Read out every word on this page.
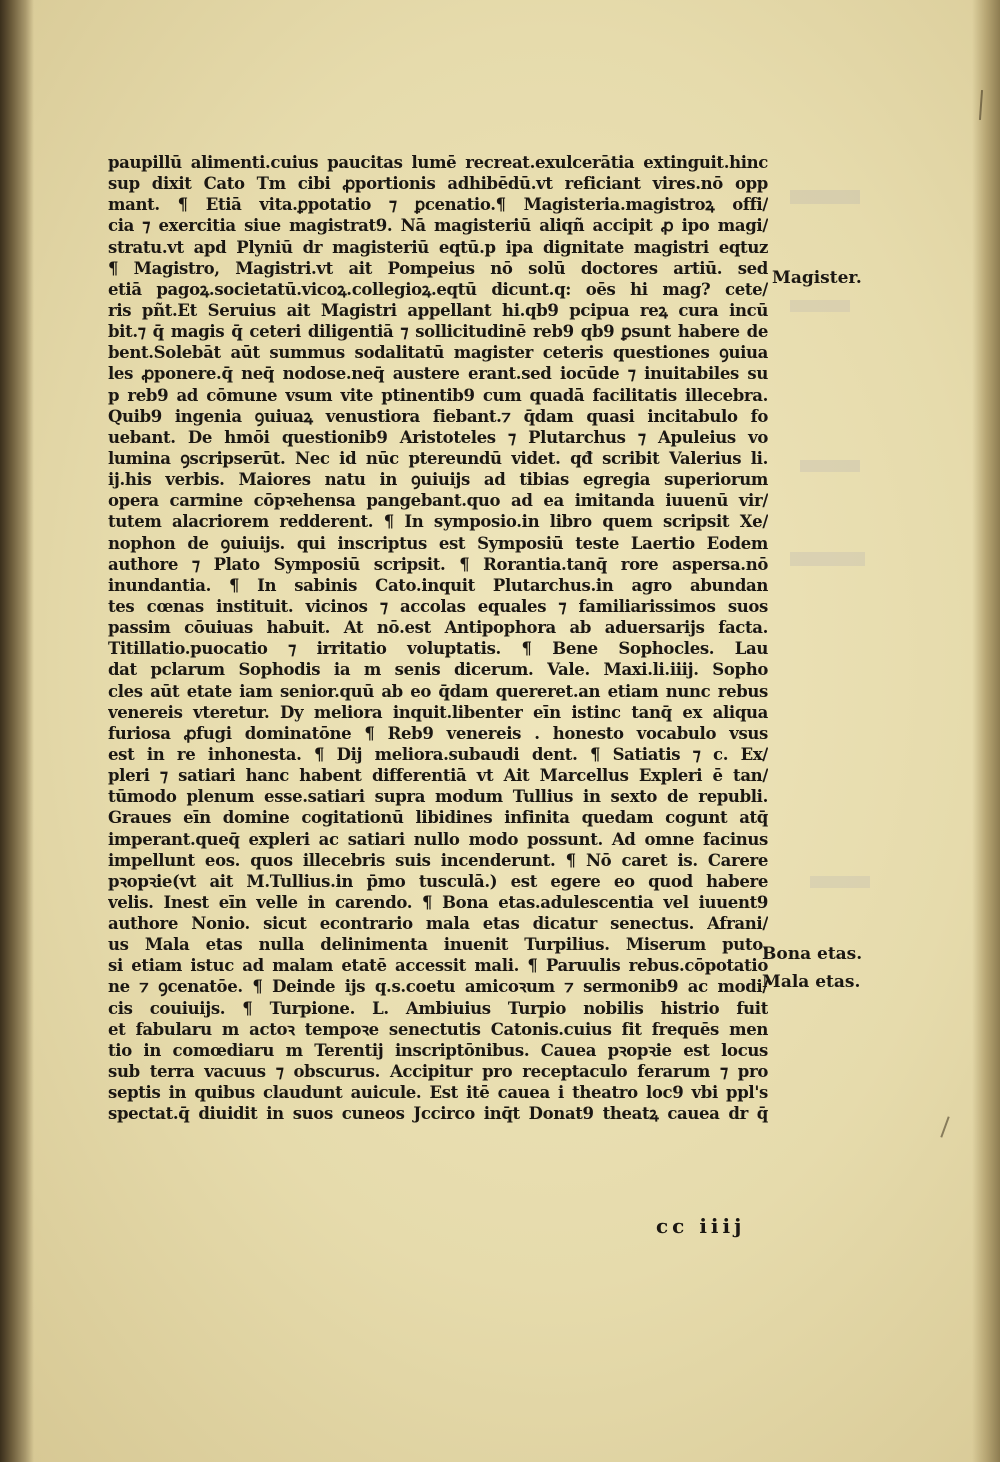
paupillū alimenti.cuius paucitas lumē recreat.exulcerātia extinguit.hinc
sup dixit Cato Tm cibi ꝓportionis adhibēdū.vt reficiant vires.nō opp
mant. ¶ Etiā vita.ꝑpotatio ⁊ ꝑcenatio.¶ Magisteria.magistroꝝ offi/
cia ⁊ exercitia siue magistrat9. Nā magisteriū aliqñ accipit ꝓ ipo magi/
stratu.vt apd Plyniū dr magisteriū eqtū.p ipa dignitate magistri eqtuz
¶ Magistro, Magistri.vt ait Pompeius nō solū doctores artiū. sed
etiā pagoꝝ.societatū.vicoꝝ.collegioꝝ.eqtū dicunt.q: oēs hi mag? cete/
ris pñt.Et Seruius ait Magistri appellant hi.qb9 pcipua reꝝ cura incū
bit.⁊ q̄ magis q̄ ceteri diligentiā ⁊ sollicitudinē reb9 qb9 ꝑsunt habere de
bent.Solebāt aūt summus sodalitatū magister ceteris questiones ꝯuiua
les ꝓponere.q̄ neq̄ nodose.neq̄ austere erant.sed iocūde ⁊ inuitabiles su
p reb9 ad cōmune vsum vite ptinentib9 cum quadā facilitatis illecebra.
Quib9 ingenia ꝯuiuaꝝ venustiora fiebant.⁊ q̄dam quasi incitabulo fo
uebant. De hmōi questionib9 Aristoteles ⁊ Plutarchus ⁊ Apuleius vo
lumina ꝯscripserūt. Nec id nūc ptereundū videt. qđ scribit Valerius li.
ij.his verbis. Maiores natu in ꝯuiuijs ad tibias egregia superiorum
opera carmine cōpꝛehensa pangebant.quo ad ea imitanda iuuenū vir/
tutem alacriorem redderent. ¶ In symposio.in libro quem scripsit Xe/
nophon de ꝯuiuijs. qui inscriptus est Symposiū teste Laertio Eodem
authore ⁊ Plato Symposiū scripsit. ¶ Rorantia.tanq̄ rore aspersa.nō
inundantia. ¶ In sabinis Cato.inquit Plutarchus.in agro abundan
tes cœnas instituit. vicinos ⁊ accolas equales ⁊ familiarissimos suos
passim cōuiuas habuit. At nō.est Antipophora ab aduersarijs facta.
Titillatio.puocatio ⁊ irritatio voluptatis. ¶ Bene Sophocles. Lau
dat pclarum Sophodis ia m senis dicerum. Vale. Maxi.li.iiij. Sopho
cles aūt etate iam senior.quū ab eo q̄dam quereret.an etiam nunc rebus
venereis vteretur. Dy meliora inquit.libenter eīn istinc tanq̄ ex aliqua
furiosa ꝓfugi dominatōne ¶ Reb9 venereis . honesto vocabulo vsus
est in re inhonesta. ¶ Dij meliora.subaudi dent. ¶ Satiatis ⁊ c. Ex/
pleri ⁊ satiari hanc habent differentiā vt Ait Marcellus Expleri ē tan/
tūmodo plenum esse.satiari supra modum Tullius in sexto de republi.
Graues eīn domine cogitationū libidines infinita quedam cogunt atq̄
imperant.queq̄ expleri ac satiari nullo modo possunt. Ad omne facinus
impellunt eos. quos illecebris suis incenderunt. ¶ Nō caret is. Carere
pꝛopꝛie(vt ait M.Tullius.in p̄mo tusculā.) est egere eo quod habere
velis. Inest eīn velle in carendo. ¶ Bona etas.adulescentia vel iuuent9
authore Nonio. sicut econtrario mala etas dicatur senectus. Afrani/
us Mala etas nulla delinimenta inuenit Turpilius. Miserum puto.
si etiam istuc ad malam etatē accessit mali. ¶ Paruulis rebus.cōpotatio
ne ⁊ ꝯcenatōe. ¶ Deinde ijs q.s.coetu amicoꝛum ⁊ sermonib9 ac modi/
cis couiuijs. ¶ Turpione. L. Ambiuius Turpio nobilis histrio fuit
et fabularu m actoꝛ tempoꝛe senectutis Catonis.cuius fit frequēs men
tio in comœdiaru m Terentij inscriptōnibus. Cauea pꝛopꝛie est locus
sub terra vacuus ⁊ obscurus. Accipitur pro receptaculo ferarum ⁊ pro
septis in quibus claudunt auicule. Est itē cauea i theatro loc9 vbi ppl's
spectat.q̄ diuidit in suos cuneos Jccirco inq̄t Donat9 theatꝝ cauea dr q̄
Magister.
Bona etas.
Mala etas.
cc iiij
